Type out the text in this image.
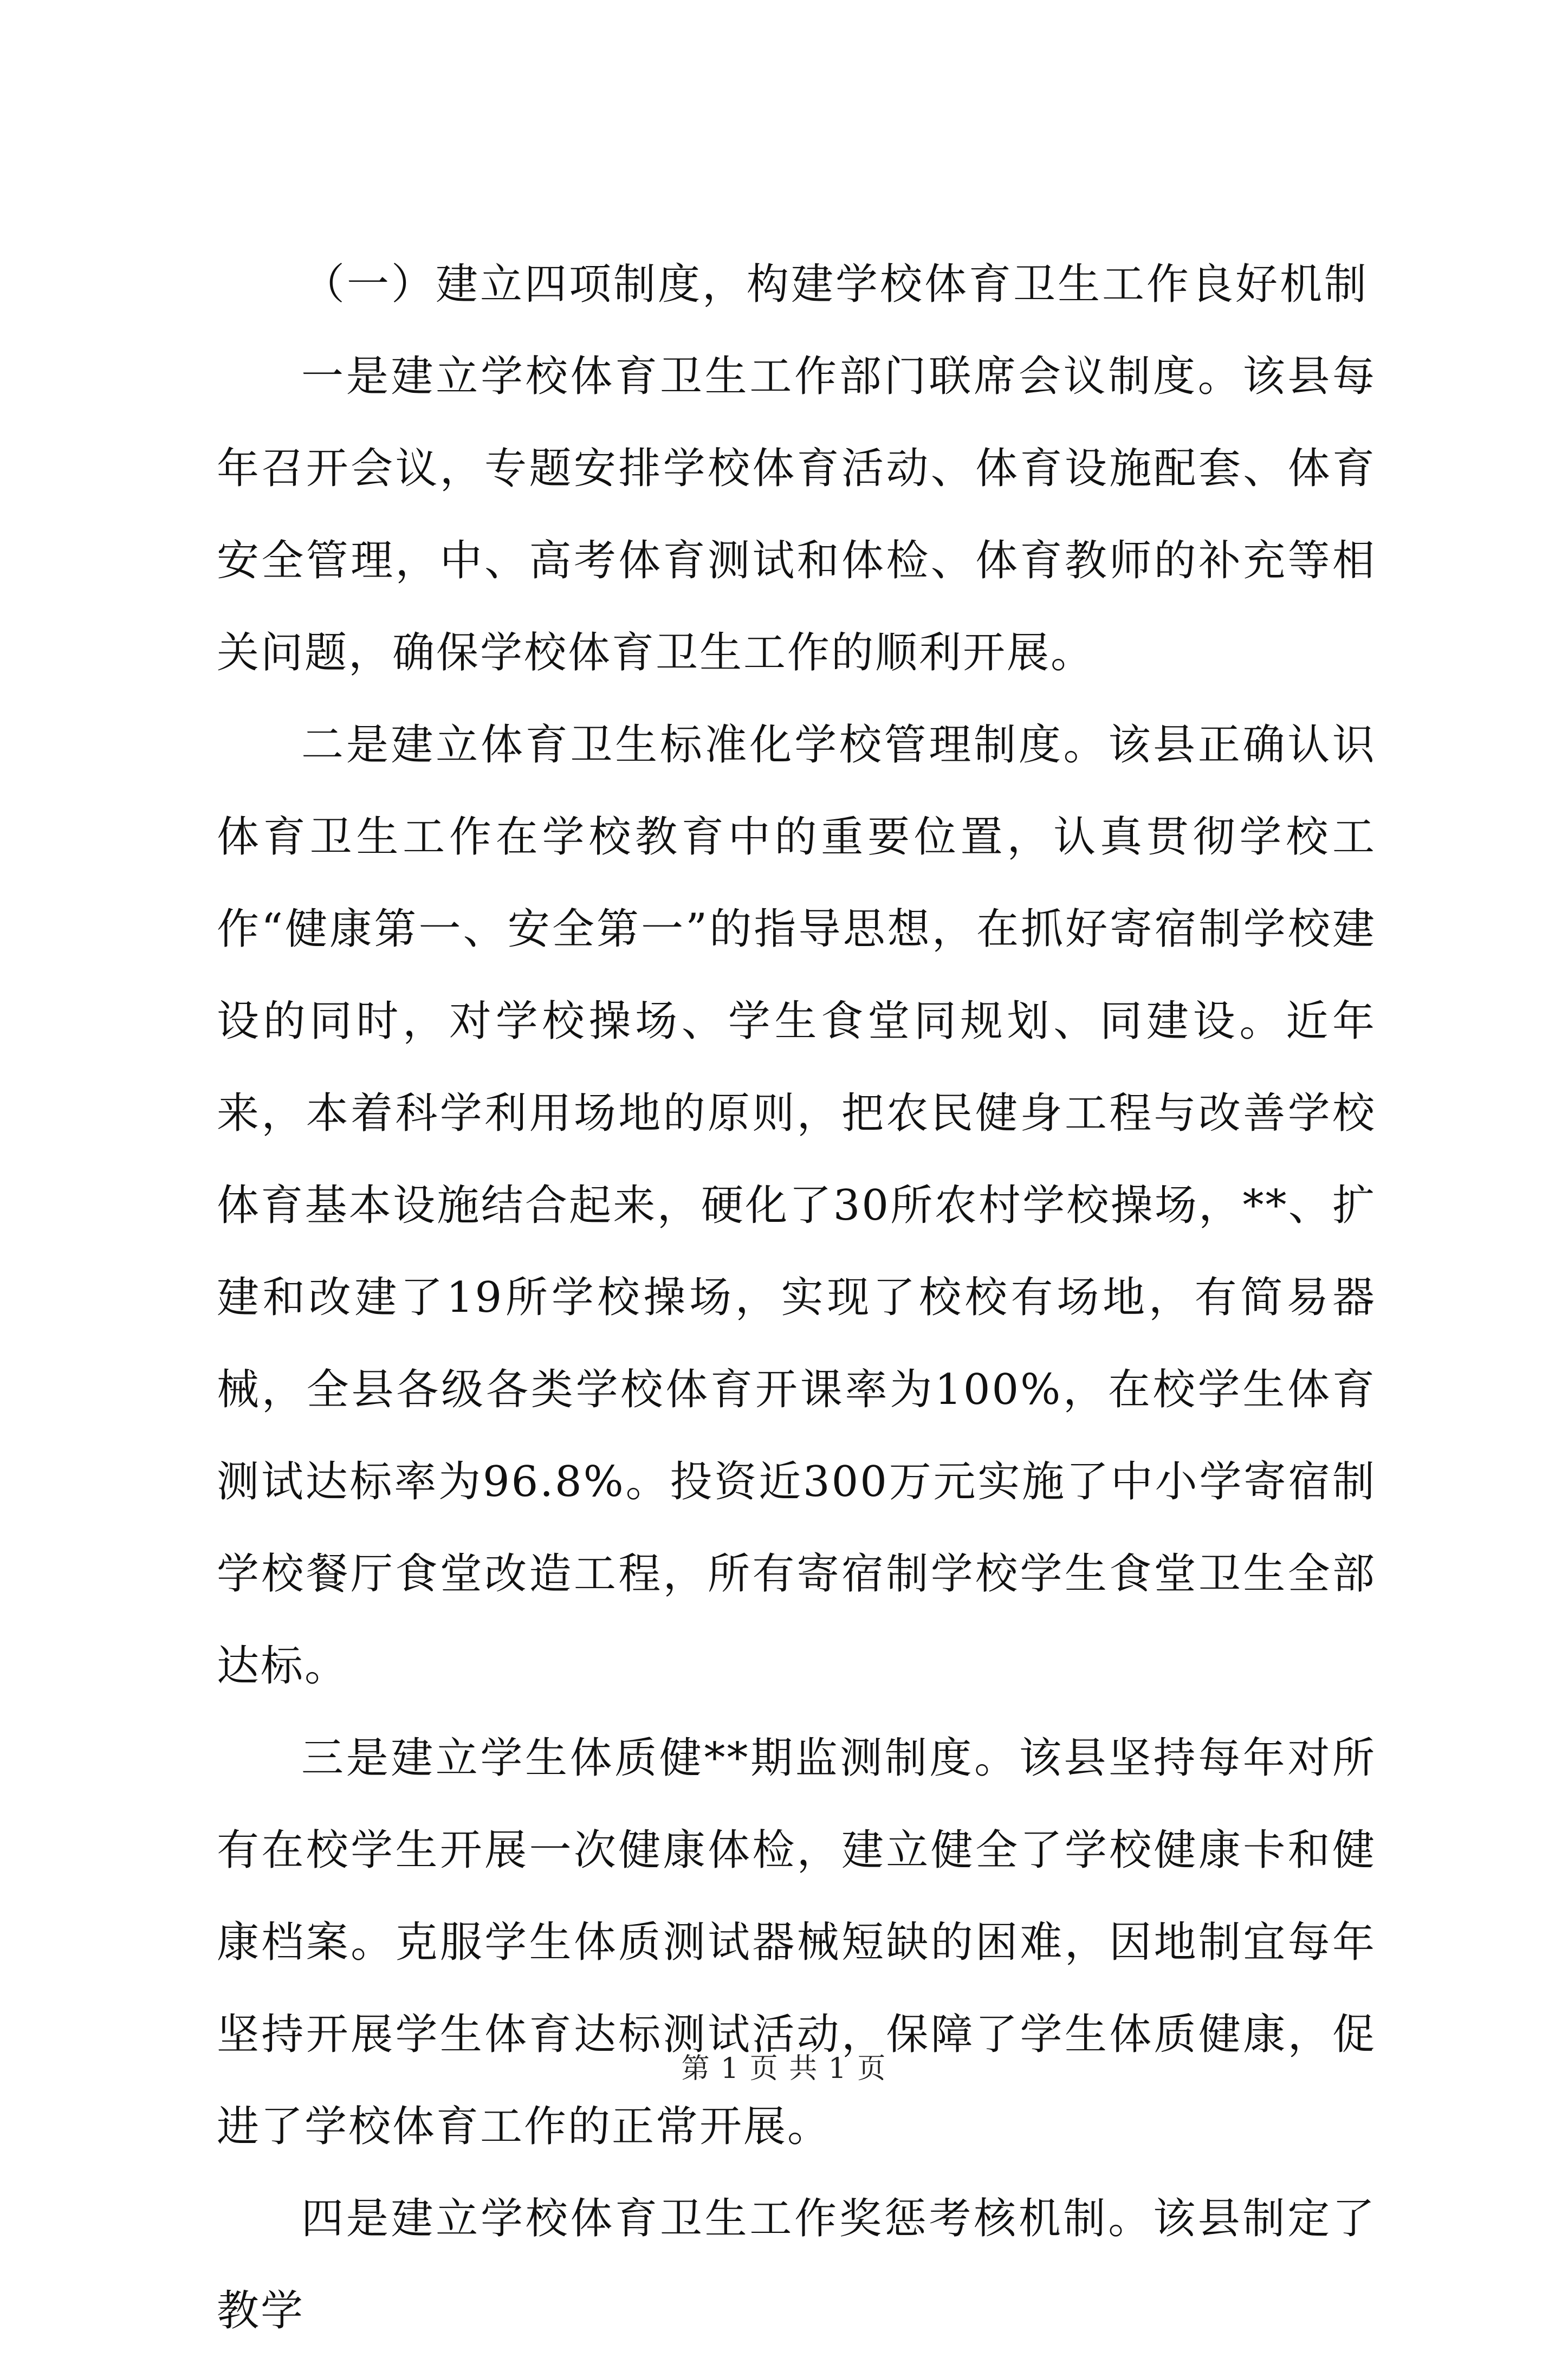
（一）建立四项制度，构建学校体育卫生工作良好机制

一是建立学校体育卫生工作部门联席会议制度。该县每年召开会议，专题安排学校体育活动、体育设施配套、体育安全管理，中、高考体育测试和体检、体育教师的补充等相关问题，确保学校体育卫生工作的顺利开展。

二是建立体育卫生标准化学校管理制度。该县正确认识体育卫生工作在学校教育中的重要位置，认真贯彻学校工作“健康第一、安全第一”的指导思想，在抓好寄宿制学校建设的同时，对学校操场、学生食堂同规划、同建设。近年来，本着科学利用场地的原则，把农民健身工程与改善学校体育基本设施结合起来，硬化了30所农村学校操场，**、扩建和改建了19所学校操场，实现了校校有场地，有简易器械，全县各级各类学校体育开课率为100%，在校学生体育测试达标率为96.8%。投资近300万元实施了中小学寄宿制学校餐厅食堂改造工程，所有寄宿制学校学生食堂卫生全部达标。

三是建立学生体质健**期监测制度。该县坚持每年对所有在校学生开展一次健康体检，建立健全了学校健康卡和健康档案。克服学生体质测试器械短缺的困难，因地制宜每年坚持开展学生体育达标测试活动，保障了学生体质健康，促进了学校体育工作的正常开展。

四是建立学校体育卫生工作奖惩考核机制。该县制定了教学

第 1 页 共 1 页
